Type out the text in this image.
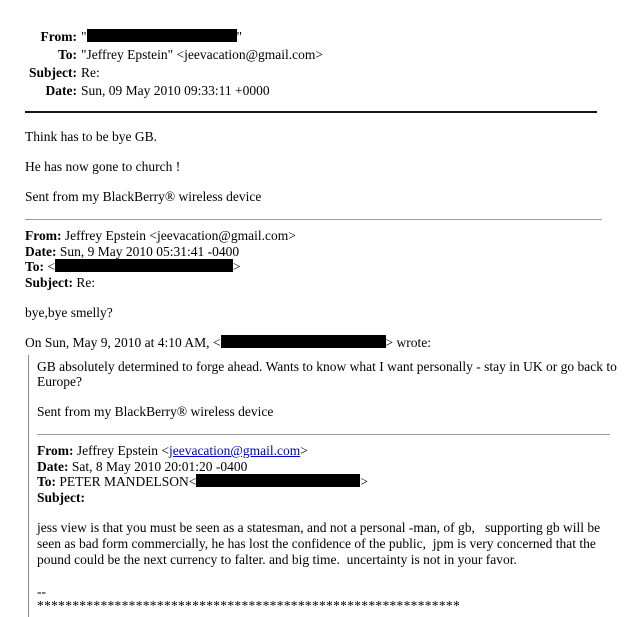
From: "	"
To: "Jeffrey Epstein" <jeevacation@gmail.com>
Subject: Re:
Date: Sun, 09 May 2010 09:33:11 +0000

Think has to be bye GB.

He has now gone to church !

Sent from my BlackBerry® wireless device

From: Jeffrey Epstein <jeevacation@gmail.com>
Date: Sun, 9 May 2010 05:31:41 -0400
To: <	>
Subject: Re:

bye,bye smelly?

On Sun, May 9, 2010 at 4:10 AM, <	> wrote:

GB absolutely determined to forge ahead. Wants to know what I want personally - stay in UK or go back to Europe?

Sent from my BlackBerry® wireless device

From: Jeffrey Epstein <jeevacation@gmail.com>
Date: Sat, 8 May 2010 20:01:20 -0400
To: PETER MANDELSON<	>
Subject:

jess view is that you must be seen as a statesman, and not a personal -man, of gb,   supporting gb will be seen as bad form commercially, he has lost the confidence of the public,  jpm is very concerned that the pound could be the next currency to falter. and big time.  uncertainty is not in your favor.

--

************************************************************
